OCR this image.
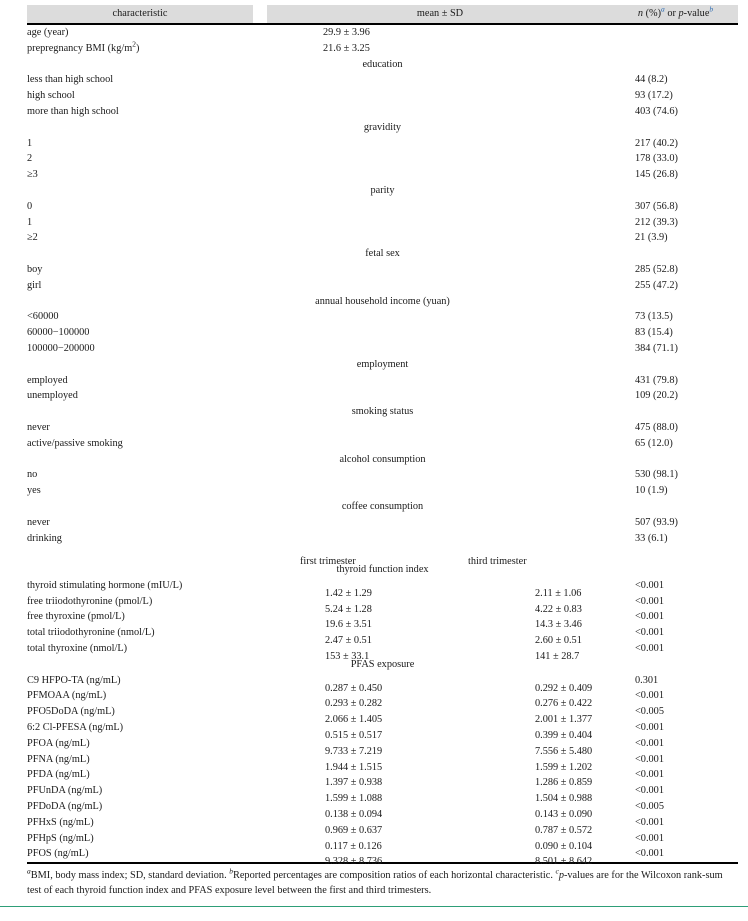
characteristic		mean ± SD	n (%)$^a$ or p-value$^b$
age (year)		29.9 ± 3.96	
prepregnancy BMI $(kg/m^2)$		21.6 ± 3.25	
education			
less than high school			44 (8.2)
high school			93 (17.2)
more than high school			403 (74.6)
gravidity			
1			217 (40.2)
2			178 (33.0)
≥3			145 (26.8)
parity			
0			307 (56.8)
1			212 (39.3)
≥2			21 (3.9)
fetal sex			
boy			285 (52.8)
girl			255 (47.2)
annual household income (yuan)			
<60000			73 (13.5)
60000−100000			83 (15.4)
100000−200000			384 (71.1)
employment			
employed			431 (79.8)
unemployed			109 (20.2)
smoking status			
never			475 (88.0)
active/passive smoking			65 (12.0)
alcohol consumption			
no			530 (98.1)
yes			10 (1.9)
coffee consumption			
never			507 (93.9)
drinking			33 (6.1)

		first trimester third trimester	

thyroid function index			
thyroid stimulating hormone (mIU/L)		1.42 ± 1.29 2.11 ± 1.06	<0.001
free triiodothyronine (pmol/L)		5.24 ± 1.28 4.22 ± 0.83	<0.001
free thyroxine (pmol/L)		19.6 ± 3.51 14.3 ± 3.46	<0.001
total triiodothyronine (nmol/L)		2.47 ± 0.51 2.60 ± 0.51	<0.001
total thyroxine (nmol/L)		153 ± 33.1 141 ± 28.7	<0.001
PFAS exposure			
C9 HFPO-TA (ng/mL)		0.287 ± 0.450 0.292 ± 0.409	0.301
PFMOAA (ng/mL)		0.293 ± 0.282 0.276 ± 0.422	<0.001
PFO5DoDA (ng/mL)		2.066 ± 1.405 2.001 ± 1.377	<0.005
6:2 Cl-PFESA (ng/mL)		0.515 ± 0.517 0.399 ± 0.404	<0.001
PFOA (ng/mL)		9.733 ± 7.219 7.556 ± 5.480	<0.001
PFNA (ng/mL)		1.944 ± 1.515 1.599 ± 1.202	<0.001
PFDA (ng/mL)		1.397 ± 0.938 1.286 ± 0.859	<0.001
PFUnDA (ng/mL)		1.599 ± 1.088 1.504 ± 0.988	<0.001
PFDoDA (ng/mL)		0.138 ± 0.094 0.143 ± 0.090	<0.005
PFHxS (ng/mL)		0.969 ± 0.637 0.787 ± 0.572	<0.001
PFHpS (ng/mL)		0.117 ± 0.126 0.090 ± 0.104	<0.001
PFOS (ng/mL)		9.328 ± 8.736 8.501 ± 8.642	<0.001
$^a$BMI, body mass index; SD, standard deviation. $^b$Reported percentages are composition ratios of each horizontal characteristic. $^c$p-values are for the Wilcoxon rank-sum test of each thyroid function index and PFAS exposure level between the first and third trimesters.
